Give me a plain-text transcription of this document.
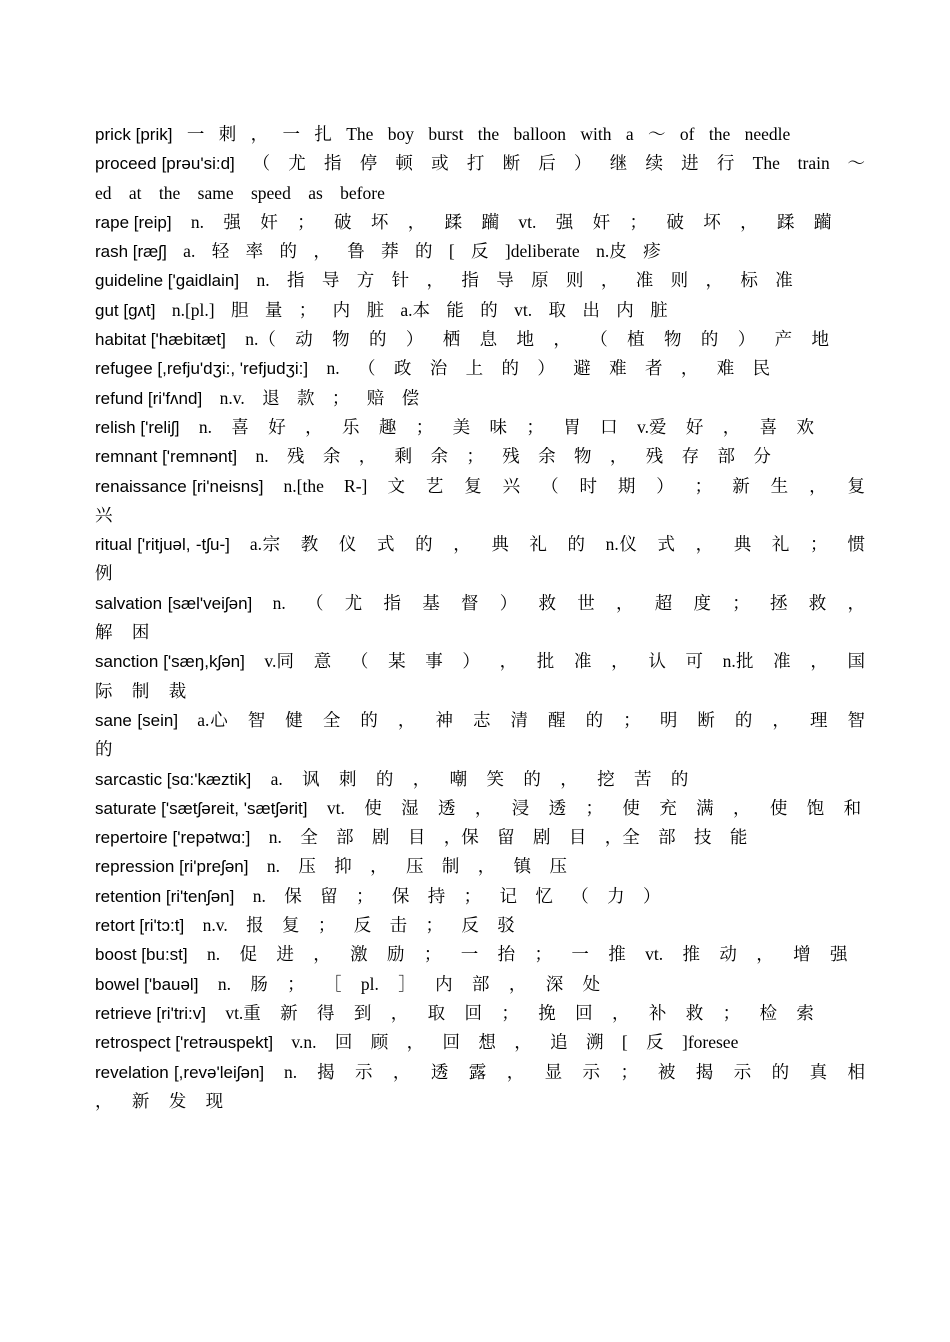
prick [prik] 一 刺 ， 一 扎 The boy burst the balloon with a ～ of the needle
proceed [prəu'si:d] （ 尤 指 停 顿 或 打 断 后 ） 继 续 进 行 The train ～ ed at the same speed as before
rape [reip] n. 强 奸 ； 破 坏 ， 蹂 躏 vt. 强 奸 ； 破 坏 ， 蹂 躏
rash [ræʃ] a. 轻 率 的 ， 鲁 莽 的 [ 反 ]deliberate n.皮 疹
guideline ['ɡaidlain] n. 指 导 方 针 ， 指 导 原 则 ， 准 则 ， 标 准
gut [ɡʌt] n.[pl.] 胆 量 ； 内 脏 a.本 能 的 vt. 取 出 内 脏
habitat ['hæbitæt] n.（ 动 物 的 ） 栖 息 地 ， （ 植 物 的 ） 产 地
refugee [,refju'dʒi:, 'refjudʒi:] n. （ 政 治 上 的 ） 避 难 者 ， 难 民
refund [ri'fʌnd] n.v. 退 款 ； 赔 偿
relish ['reliʃ] n. 喜 好 ， 乐 趣 ； 美 味 ； 胃 口 v.爱 好 ， 喜 欢
remnant ['remnənt] n. 残 余 ， 剩 余 ； 残 余 物 ， 残 存 部 分
renaissance [ri'neisns] n.[the R-] 文 艺 复 兴 （ 时 期 ） ； 新 生 ， 复 兴
ritual ['ritjuəl, -tʃu-] a.宗 教 仪 式 的 ， 典 礼 的 n.仪 式 ， 典 礼 ； 惯 例
salvation [sæl'veiʃən] n. （ 尤 指 基 督 ） 救 世 ， 超 度 ； 拯 救 ， 解 困
sanction ['sæŋ,kʃən] v.同 意 （ 某 事 ） ， 批 准 ， 认 可 n.批 准 ， 国 际 制 裁
sane [sein] a.心 智 健 全 的 ， 神 志 清 醒 的 ； 明 断 的 ， 理 智 的
sarcastic [sɑ:'kæztik] a. 讽 刺 的 ， 嘲 笑 的 ， 挖 苦 的
saturate ['sætʃəreit, 'sætʃərit] vt. 使 湿 透 ， 浸 透 ； 使 充 满 ， 使 饱 和
repertoire ['repətwɑ:] n. 全 部 剧 目 ，保 留 剧 目 ，全 部 技 能
repression [ri'preʃən] n. 压 抑 ， 压 制 ， 镇 压
retention [ri'tenʃən] n. 保 留 ； 保 持 ； 记 忆 （ 力 ）
retort [ri'tɔ:t] n.v. 报 复 ； 反 击 ； 反 驳
boost [bu:st] n. 促 进 ， 激 励 ； 一 抬 ； 一 推 vt. 推 动 ， 增 强
bowel ['bauəl] n. 肠 ； ［ pl. ］ 内 部 ， 深 处
retrieve [ri'tri:v] vt.重 新 得 到 ， 取 回 ； 挽 回 ， 补 救 ； 检 索
retrospect ['retrəuspekt] v.n. 回 顾 ， 回 想 ， 追 溯 [ 反 ]foresee
revelation [,revə'leiʃən] n. 揭 示 ， 透 露 ， 显 示 ； 被 揭 示 的 真 相 ， 新 发 现
